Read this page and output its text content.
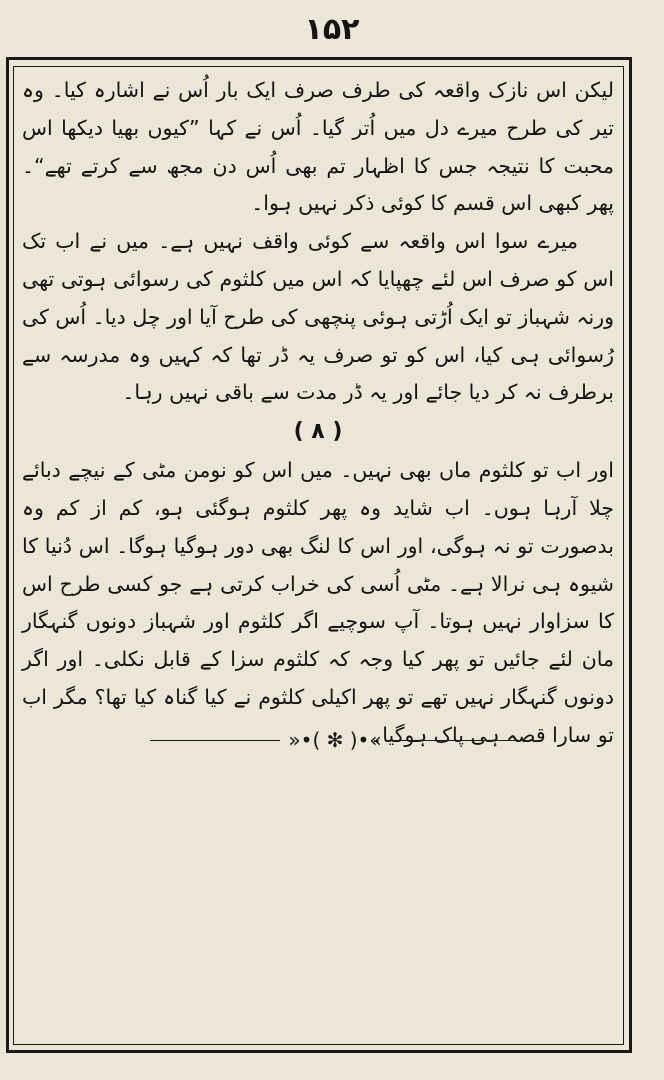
۱۵۲

لیکن اس نازک واقعہ کی طرف صرف ایک بار اُس نے اشارہ کیا۔ وہ تیر کی طرح میرے دل میں اُتر گیا۔ اُس نے کہا ”کیوں بھیا دیکھا اس محبت کا نتیجہ جس کا اظہار تم بھی اُس دن مجھ سے کرتے تھے“۔ پھر کبھی اس قسم کا کوئی ذکر نہیں ہوا۔

میرے سوا اس واقعہ سے کوئی واقف نہیں ہے۔ میں نے اب تک اس کو صرف اس لئے چھپایا کہ اس میں کلثوم کی رسوائی ہوتی تھی ورنہ شہباز تو ایک اُڑتی ہوئی پنچھی کی طرح آیا اور چل دیا۔ اُس کی رُسوائی ہی کیا، اس کو تو صرف یہ ڈر تھا کہ کہیں وہ مدرسہ سے برطرف نہ کر دیا جائے اور یہ ڈر مدت سے باقی نہیں رہا۔

( ۸ )

اور اب تو کلثوم ماں بھی نہیں۔ میں اس کو نومن مٹی کے نیچے دبائے چلا آرہا ہوں۔ اب شاید وہ پھر کلثوم ہوگئی ہو، کم از کم وہ بدصورت تو نہ ہوگی، اور اس کا لنگ بھی دور ہوگیا ہوگا۔ اس دُنیا کا شیوہ ہی نرالا ہے۔ مٹی اُسی کی خراب کرتی ہے جو کسی طرح اس کا سزاوار نہیں ہوتا۔ آپ سوچیے اگر کلثوم اور شہباز دونوں گنہگار مان لئے جائیں تو پھر کیا وجہ کہ کلثوم سزا کے قابل نکلی۔ اور اگر دونوں گنہگار نہیں تھے تو پھر اکیلی کلثوم نے کیا گناہ کیا تھا؟ مگر اب تو سارا قصہ ہی پاک ہوگیا۔

»•( ✻ )•«
